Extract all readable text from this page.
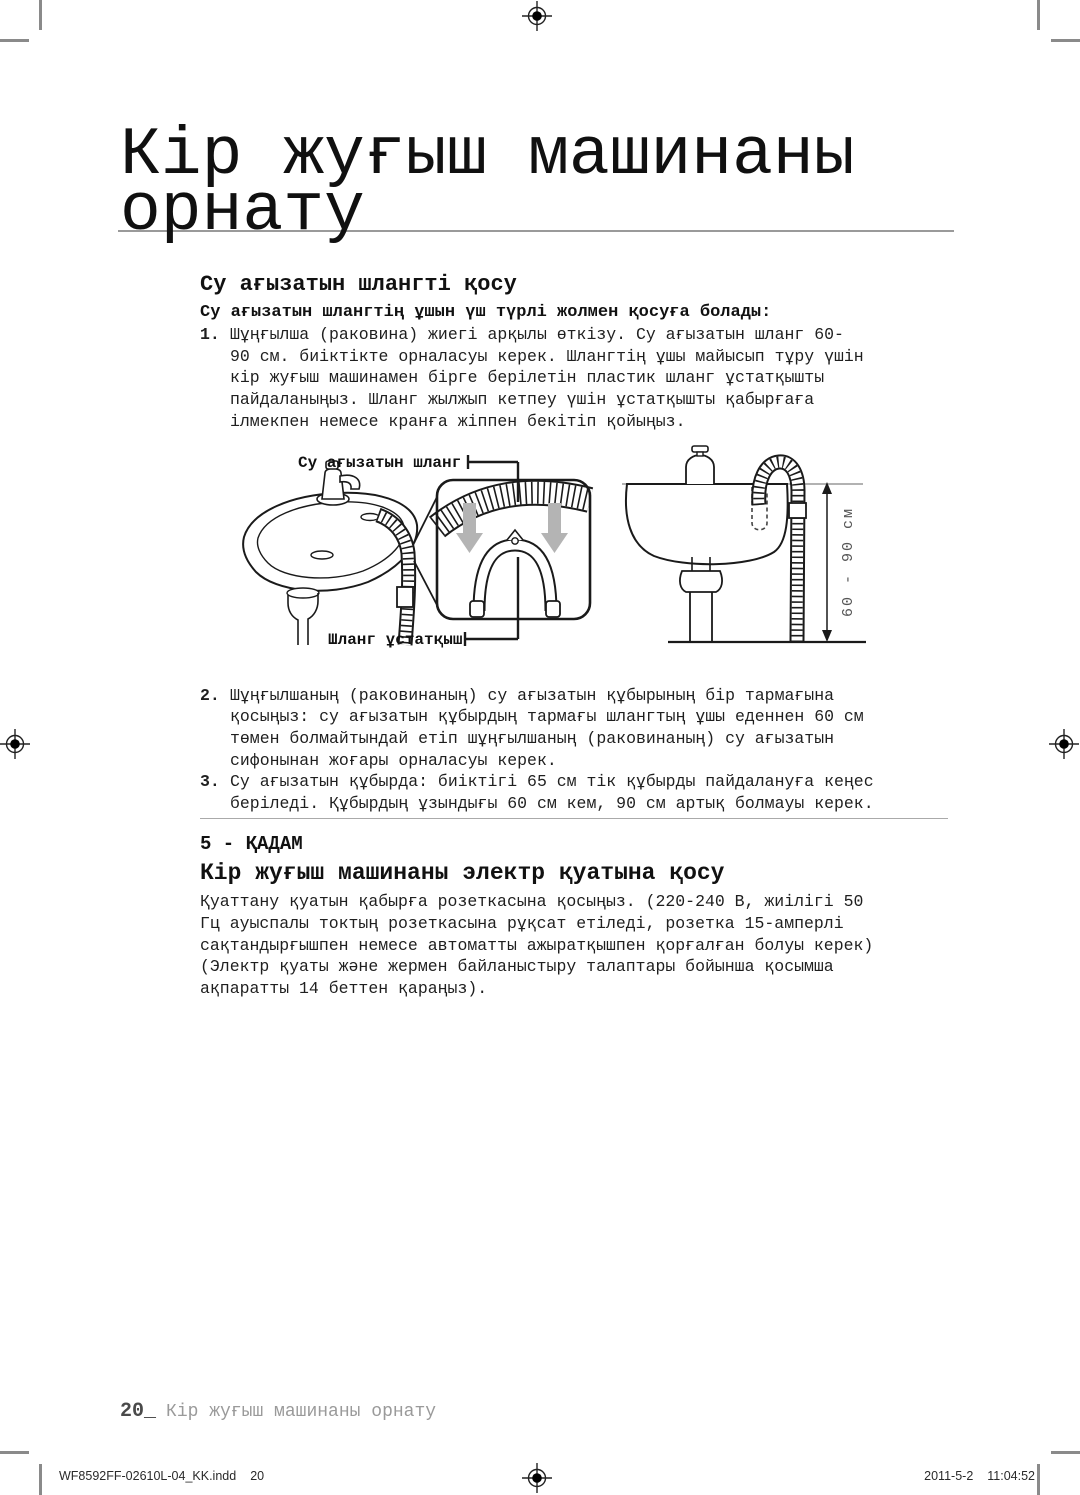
Кір жуғыш машинаны
орнату
Су ағызатын шлангті қосу
Су ағызатын шлангтің ұшын үш түрлі жолмен қосуға болады:
1. Шұңғылша (раковина) жиегі арқылы өткізу. Су ағызатын шланг 60-
90 см. биіктікте орналасуы керек. Шлангтің ұшы майысып тұру үшін
кір жуғыш машинамен бірге берілетін пластик шланг ұстатқышты
пайдаланыңыз. Шланг жылжып кетпеу үшін ұстатқышты қабырғаға
ілмекпен немесе кранға жіппен бекітіп қойыңыз.
Су ағызатын шланг
Шланг ұстатқыш
60 - 90 см
2. Шұңғылшаның (раковинаның) су ағызатын құбырының бір тармағына
қосыңыз: су ағызатын құбырдың тармағы шлангтың ұшы еденнен 60 см
төмен болмайтындай етіп шұңғылшаның (раковинаның) су ағызатын
сифонынан жоғары орналасуы керек.
3. Су ағызатын құбырда: биіктігі 65 см тік құбырды пайдалануға кеңес
беріледі. Құбырдың ұзындығы 60 см кем, 90 см артық болмауы керек.
5 - ҚАДАМ
Кір жуғыш машинаны электр қуатына қосу
Қуаттану қуатын қабырға розеткасына қосыңыз. (220-240 В, жиілігі 50
Гц ауыспалы токтың розеткасына рұқсат етіледі, розетка 15-амперлі
сақтандырғышпен немесе автоматты ажыратқышпен қорғалған болуы керек)
(Электр қуаты және жермен байланыстыру талаптары бойынша қосымша
ақпаратты 14 беттен қараңыз).
20_ Кір жуғыш машинаны орнату
WF8592FF-02610L-04_KK.indd 20	2011-5-2 11:04:52
